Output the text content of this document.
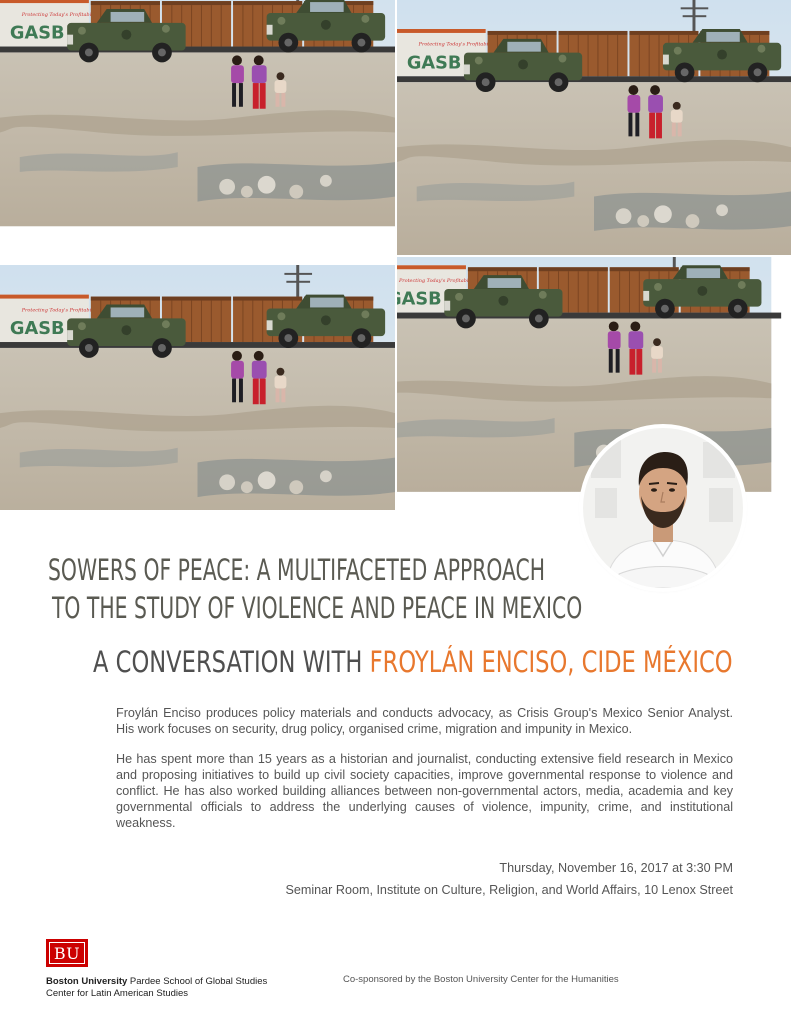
SOWERS OF PEACE: A MULTIFACETED APPROACH
TO THE STUDY OF VIOLENCE AND PEACE IN MEXICO
A CONVERSATION WITH FROYLÁN ENCISO, CIDE MÉXICO

Froylán Enciso produces policy materials and conducts advocacy, as Crisis Group's Mexico Senior Analyst. His work focuses on security, drug policy, organised crime, migration and impunity in Mexico.

He has spent more than 15 years as a historian and journalist, conducting extensive field research in Mexico and proposing initiatives to build up civil society capacities, improve governmental response to violence and conflict. He has also worked building alliances between non-governmental actors, media, academia and key governmental officials to address the underlying causes of violence, impunity, crime, and institutional weakness.

Thursday, November 16, 2017 at 3:30 PM
Seminar Room, Institute on Culture, Religion, and World Affairs, 10 Lenox Street
BU
Boston University Pardee School of Global Studies
Center for Latin American Studies
Co-sponsored by the Boston University Center for the Humanities
